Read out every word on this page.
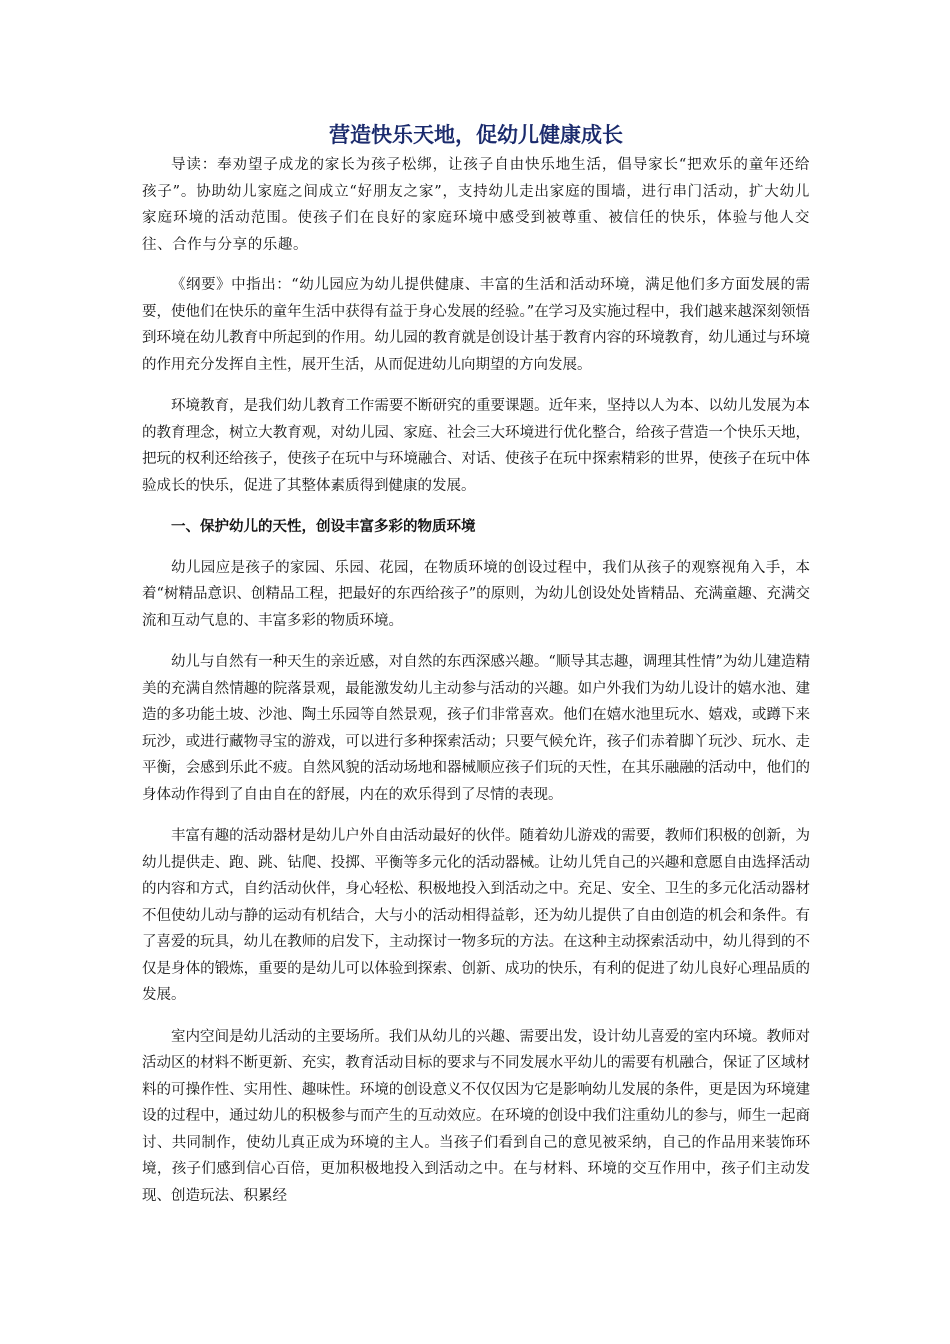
营造快乐天地，促幼儿健康成长

导读：奉劝望子成龙的家长为孩子松绑，让孩子自由快乐地生活，倡导家长“把欢乐的童年还给孩子”。协助幼儿家庭之间成立“好朋友之家”，支持幼儿走出家庭的围墙，进行串门活动，扩大幼儿家庭环境的活动范围。使孩子们在良好的家庭环境中感受到被尊重、被信任的快乐，体验与他人交往、合作与分享的乐趣。

《纲要》中指出：“幼儿园应为幼儿提供健康、丰富的生活和活动环境，满足他们多方面发展的需要，使他们在快乐的童年生活中获得有益于身心发展的经验。”在学习及实施过程中，我们越来越深刻领悟到环境在幼儿教育中所起到的作用。幼儿园的教育就是创设计基于教育内容的环境教育，幼儿通过与环境的作用充分发挥自主性，展开生活，从而促进幼儿向期望的方向发展。

环境教育，是我们幼儿教育工作需要不断研究的重要课题。近年来，坚持以人为本、以幼儿发展为本的教育理念，树立大教育观，对幼儿园、家庭、社会三大环境进行优化整合，给孩子营造一个快乐天地，把玩的权利还给孩子，使孩子在玩中与环境融合、对话、使孩子在玩中探索精彩的世界，使孩子在玩中体验成长的快乐，促进了其整体素质得到健康的发展。

一、保护幼儿的天性，创设丰富多彩的物质环境

幼儿园应是孩子的家园、乐园、花园，在物质环境的创设过程中，我们从孩子的观察视角入手，本着“树精品意识、创精品工程，把最好的东西给孩子”的原则，为幼儿创设处处皆精品、充满童趣、充满交流和互动气息的、丰富多彩的物质环境。

幼儿与自然有一种天生的亲近感，对自然的东西深感兴趣。“顺导其志趣，调理其性情”为幼儿建造精美的充满自然情趣的院落景观，最能激发幼儿主动参与活动的兴趣。如户外我们为幼儿设计的嬉水池、建造的多功能土坡、沙池、陶土乐园等自然景观，孩子们非常喜欢。他们在嬉水池里玩水、嬉戏，或蹲下来玩沙，或进行藏物寻宝的游戏，可以进行多种探索活动；只要气候允许，孩子们赤着脚丫玩沙、玩水、走平衡，会感到乐此不疲。自然风貌的活动场地和器械顺应孩子们玩的天性，在其乐融融的活动中，他们的身体动作得到了自由自在的舒展，内在的欢乐得到了尽情的表现。

丰富有趣的活动器材是幼儿户外自由活动最好的伙伴。随着幼儿游戏的需要，教师们积极的创新，为幼儿提供走、跑、跳、钻爬、投掷、平衡等多元化的活动器械。让幼儿凭自己的兴趣和意愿自由选择活动的内容和方式，自约活动伙伴，身心轻松、积极地投入到活动之中。充足、安全、卫生的多元化活动器材不但使幼儿动与静的运动有机结合，大与小的活动相得益彰，还为幼儿提供了自由创造的机会和条件。有了喜爱的玩具，幼儿在教师的启发下，主动探讨一物多玩的方法。在这种主动探索活动中，幼儿得到的不仅是身体的锻炼，重要的是幼儿可以体验到探索、创新、成功的快乐，有利的促进了幼儿良好心理品质的发展。

室内空间是幼儿活动的主要场所。我们从幼儿的兴趣、需要出发，设计幼儿喜爱的室内环境。教师对活动区的材料不断更新、充实，教育活动目标的要求与不同发展水平幼儿的需要有机融合，保证了区域材料的可操作性、实用性、趣味性。环境的创设意义不仅仅因为它是影响幼儿发展的条件，更是因为环境建设的过程中，通过幼儿的积极参与而产生的互动效应。在环境的创设中我们注重幼儿的参与，师生一起商讨、共同制作，使幼儿真正成为环境的主人。当孩子们看到自己的意见被采纳，自己的作品用来装饰环境，孩子们感到信心百倍，更加积极地投入到活动之中。在与材料、环境的交互作用中，孩子们主动发现、创造玩法、积累经
